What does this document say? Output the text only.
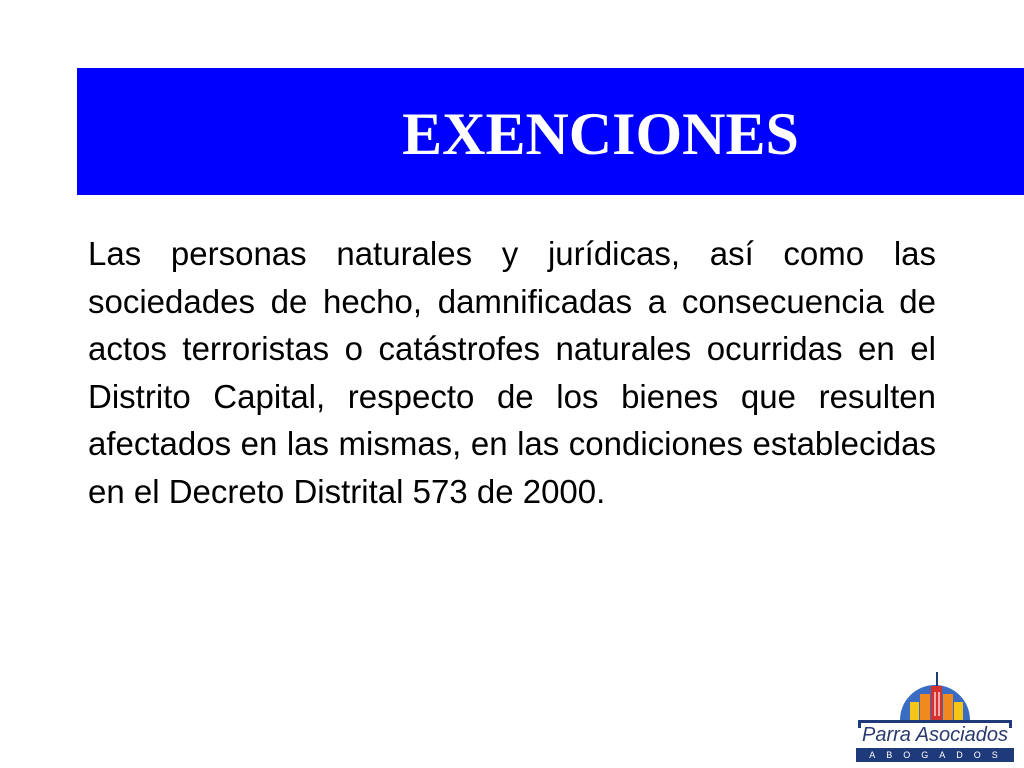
EXENCIONES

Las personas naturales y jurídicas, así como las sociedades de hecho, damnificadas a consecuencia de actos terroristas o catástrofes naturales ocurridas en el Distrito Capital, respecto de los bienes que resulten afectados en las mismas, en las condiciones establecidas en el Decreto Distrital 573 de 2000.

Parra Asociados
ABOGADOS
